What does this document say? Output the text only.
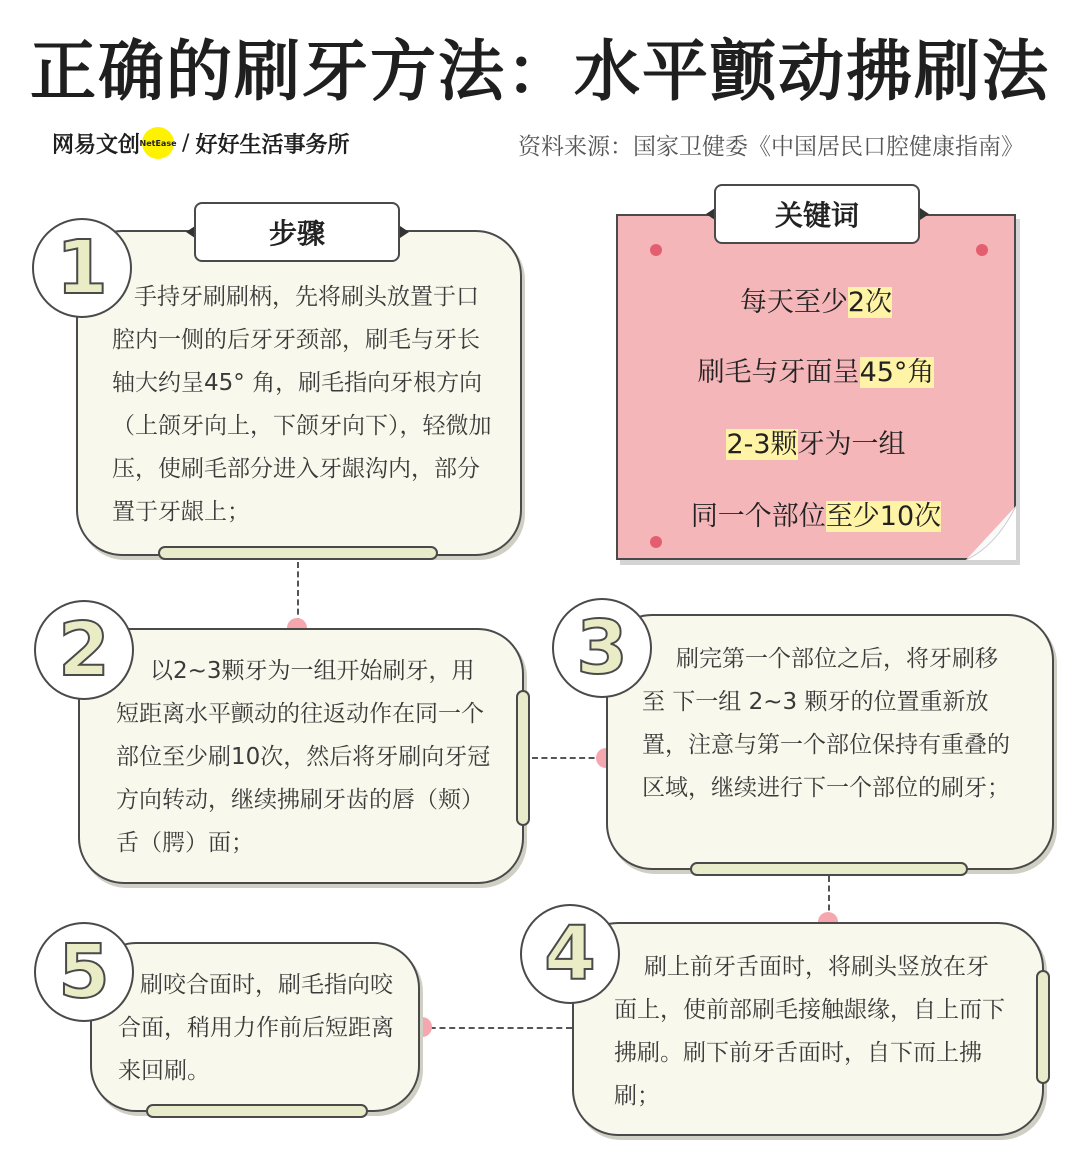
正确的刷牙方法：水平颤动拂刷法
网易文创 NetEase / 好好生活事务所	资料来源：国家卫健委《中国居民口腔健康指南》
手持牙刷刷柄，先将刷头放置于口腔内一侧的后牙牙颈部，刷毛与牙长轴大约呈45° 角，刷毛指向牙根方向（上颌牙向上，下颌牙向下），轻微加压，使刷毛部分进入牙龈沟内，部分置于牙龈上；
1	步骤
每天至少2次
刷毛与牙面呈45°角
2-3颗牙为一组
同一个部位至少10次
关键词
以2~3颗牙为一组开始刷牙，用短距离水平颤动的往返动作在同一个部位至少刷10次，然后将牙刷向牙冠方向转动，继续拂刷牙齿的唇（颊）舌（腭）面；
2	刷完第一个部位之后，将牙刷移 至 下一组 2~3 颗牙的位置重新放置，注意与第一个部位保持有重叠的区域，继续进行下一个部位的刷牙；
3
刷咬合面时，刷毛指向咬合面，稍用力作前后短距离来回刷。
5	刷上前牙舌面时，将刷头竖放在牙面上，使前部刷毛接触龈缘，自上而下拂刷。刷下前牙舌面时，自下而上拂刷；
4
